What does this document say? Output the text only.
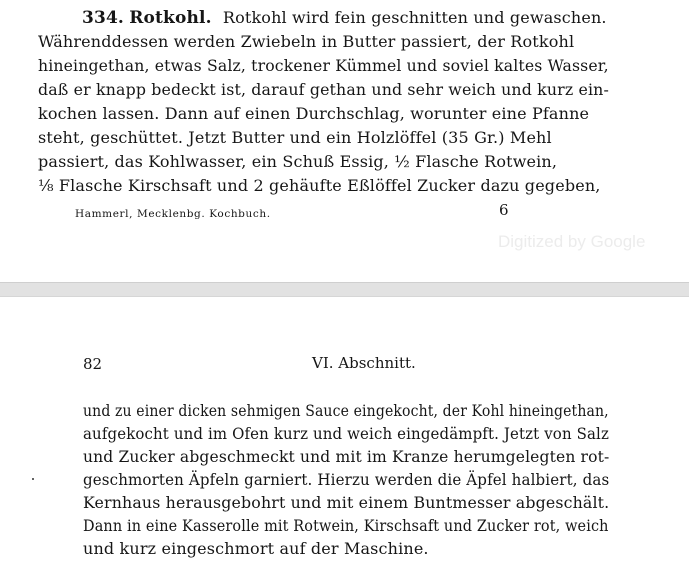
334. Rotkohl. Rotkohl wird fein geschnitten und gewaschen.
Währenddessen werden Zwiebeln in Butter passiert, der Rotkohl
hineingethan, etwas Salz, trockener Kümmel und soviel kaltes Wasser,
daß er knapp bedeckt ist, darauf gethan und sehr weich und kurz ein-
kochen lassen. Dann auf einen Durchschlag, worunter eine Pfanne
steht, geschüttet. Jetzt Butter und ein Holzlöffel (35 Gr.) Mehl
passiert, das Kohlwasser, ein Schuß Essig, ½ Flasche Rotwein,
⅛ Flasche Kirschsaft und 2 gehäufte Eßlöffel Zucker dazu gegeben,
Hammerl, Mecklenbg. Kochbuch.	6
Digitized by Google
82	VI. Abschnitt.
und zu einer dicken sehmigen Sauce eingekocht, der Kohl hineingethan,
aufgekocht und im Ofen kurz und weich eingedämpft. Jetzt von Salz
und Zucker abgeschmeckt und mit im Kranze herumgelegten rot-
geschmorten Äpfeln garniert. Hierzu werden die Äpfel halbiert, das
Kernhaus herausgebohrt und mit einem Buntmesser abgeschält.
Dann in eine Kasserolle mit Rotwein, Kirschsaft und Zucker rot, weich
und kurz eingeschmort auf der Maschine.
